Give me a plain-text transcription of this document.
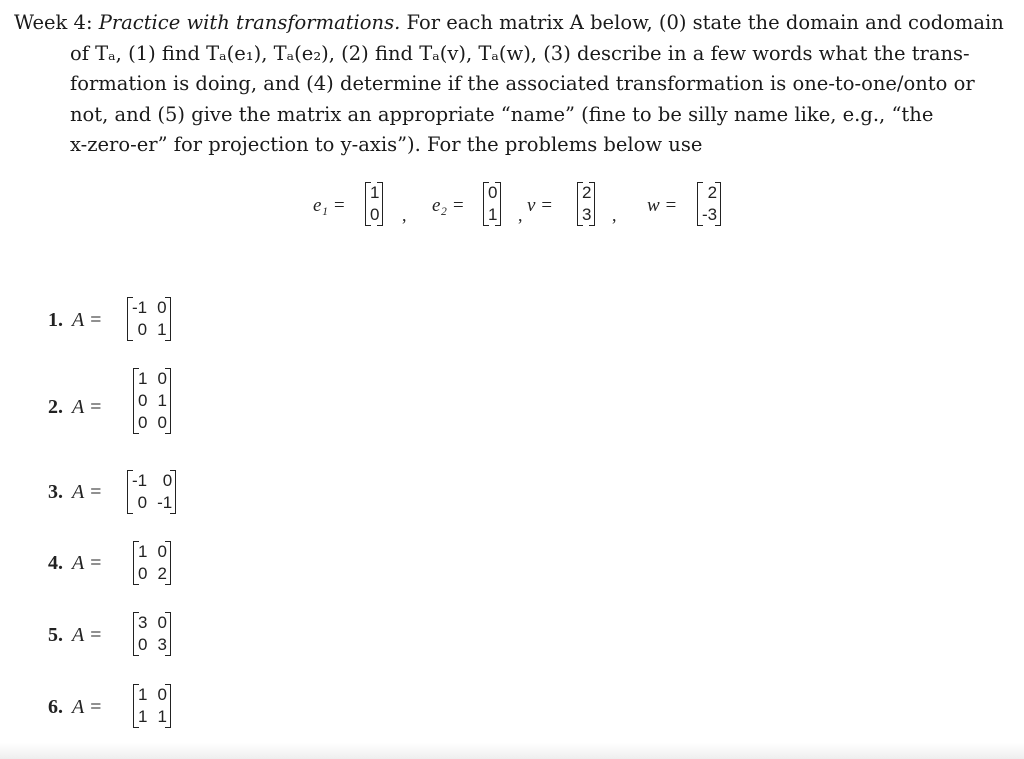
Week 4: Practice with transformations. For each matrix A below, (0) state the domain and codomain
of Tₐ, (1) find Tₐ(e₁), Tₐ(e₂), (2) find Tₐ(v), Tₐ(w), (3) describe in a few words what the trans-
formation is doing, and (4) determine if the associated transformation is one-to-one/onto or
not, and (5) give the matrix an appropriate “name” (fine to be silly name like, e.g., “the
x-zero-er” for projection to y-axis”). For the problems below use
e₁ =
1
0 , e₂ =
0
1 , v =
2
3 , w =
2
-3
1. A =
-1 0
0 1
2. A =
1 0
0 1
0 0
3. A =
-1 0
0 -1
4. A =
1 0
0 2
5. A =
3 0
0 3
6. A =
1 0
1 1
